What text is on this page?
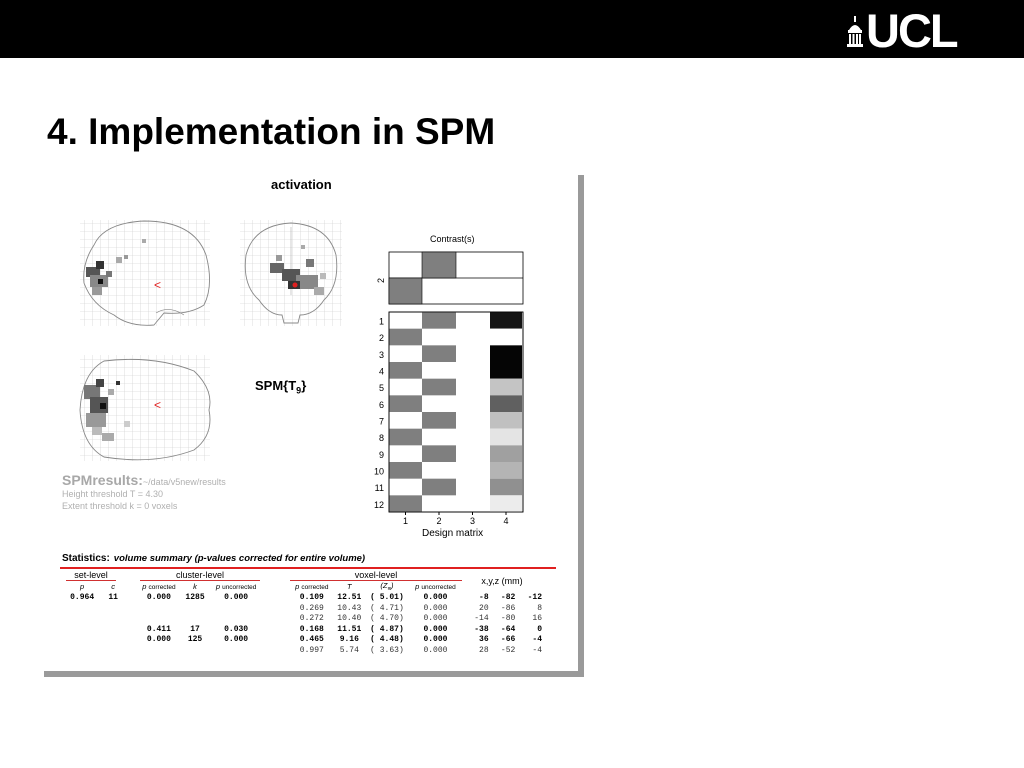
UCL
4. Implementation in SPM
<
<
2
1
2
3
4
5
6
7
8
9
10
11
12
1	2	3	4
activation
$SPM\{T_9\}$
SPMresults:~/data/v5new/results
Height threshold T = 4.30
Extent threshold k = 0 voxels
Contrast(s)
Design matrix
Statistics: volume summary (p-values corrected for entire volume)
set-level			cluster-level				voxel-level				x,y,z (mm)		

p	c		p corrected	k	p uncorrected		p corrected	T	$(Z_\equiv)$	p uncorrected			
0.964	11		0.000	1285	0.000		0.109	12.51	( 5.01)	0.000	-8	-82	-12
							0.269	10.43	( 4.71)	0.000	20	-86	8
							0.272	10.40	( 4.70)	0.000	-14	-80	16
			0.411	17	0.030		0.168	11.51	( 4.87)	0.000	-38	-64	0
			0.000	125	0.000		0.465	9.16	( 4.48)	0.000	36	-66	-4
							0.997	5.74	( 3.63)	0.000	28	-52	-4
